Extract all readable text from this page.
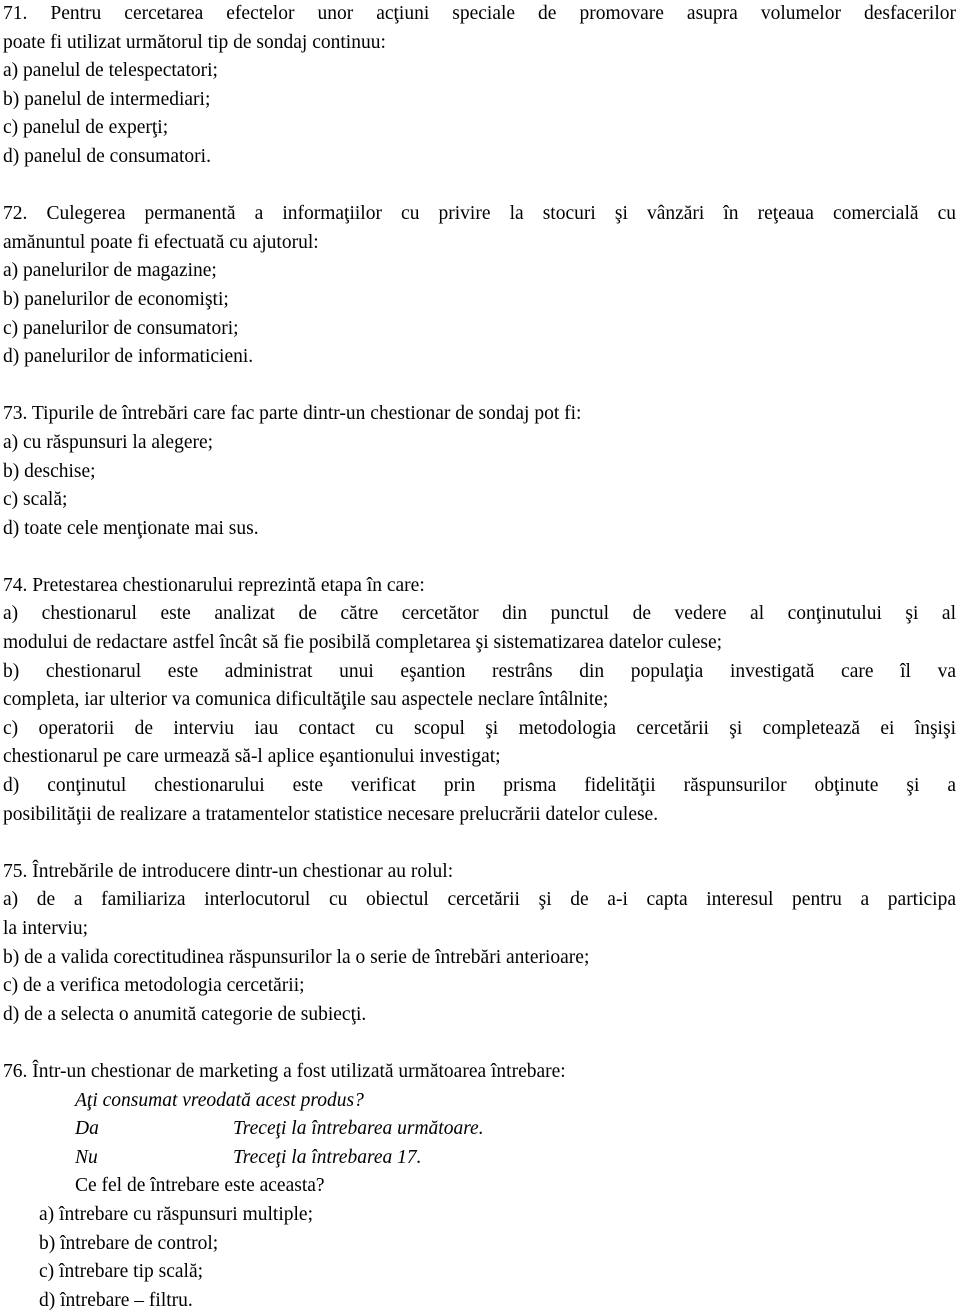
71. Pentru cercetarea efectelor unor acţiuni speciale de promovare asupra volumelor desfacerilor
poate fi utilizat următorul tip de sondaj continuu:
a) panelul de telespectatori;
b) panelul de intermediari;
c) panelul de experţi;
d) panelul de consumatori.
72. Culegerea permanentă a informaţiilor cu privire la stocuri şi vânzări în reţeaua comercială cu
amănuntul poate fi efectuată cu ajutorul:
a) panelurilor de magazine;
b) panelurilor de economişti;
c) panelurilor de consumatori;
d) panelurilor de informaticieni.
73. Tipurile de întrebări care fac parte dintr-un chestionar de sondaj pot fi:
a) cu răspunsuri la alegere;
b) deschise;
c) scală;
d) toate cele menţionate mai sus.
74. Pretestarea chestionarului reprezintă etapa în care:
a) chestionarul este analizat de către cercetător din punctul de vedere al conţinutului şi al
modului de redactare astfel încât să fie posibilă completarea şi sistematizarea datelor culese;
b) chestionarul este administrat unui eşantion restrâns din populaţia investigată care îl va
completa, iar ulterior va comunica dificultăţile sau aspectele neclare întâlnite;
c) operatorii de interviu iau contact cu scopul şi metodologia cercetării şi completează ei înşişi
chestionarul pe care urmează să-l aplice eşantionului investigat;
d) conţinutul chestionarului este verificat prin prisma fidelităţii răspunsurilor obţinute şi a
posibilităţii de realizare a tratamentelor statistice necesare prelucrării datelor culese.
75. Întrebările de introducere dintr-un chestionar au rolul:
a) de a familiariza interlocutorul cu obiectul cercetării şi de a-i capta interesul pentru a participa
la interviu;
b) de a valida corectitudinea răspunsurilor la o serie de întrebări anterioare;
c) de a verifica metodologia cercetării;
d) de a selecta o anumită categorie de subiecţi.
76. Într-un chestionar de marketing a fost utilizată următoarea întrebare:
Aţi consumat vreodată acest produs?
Da	Treceţi la întrebarea următoare.
Nu	Treceţi la întrebarea 17.
Ce fel de întrebare este aceasta?
a) întrebare cu răspunsuri multiple;
b) întrebare de control;
c) întrebare tip scală;
d) întrebare – filtru.
